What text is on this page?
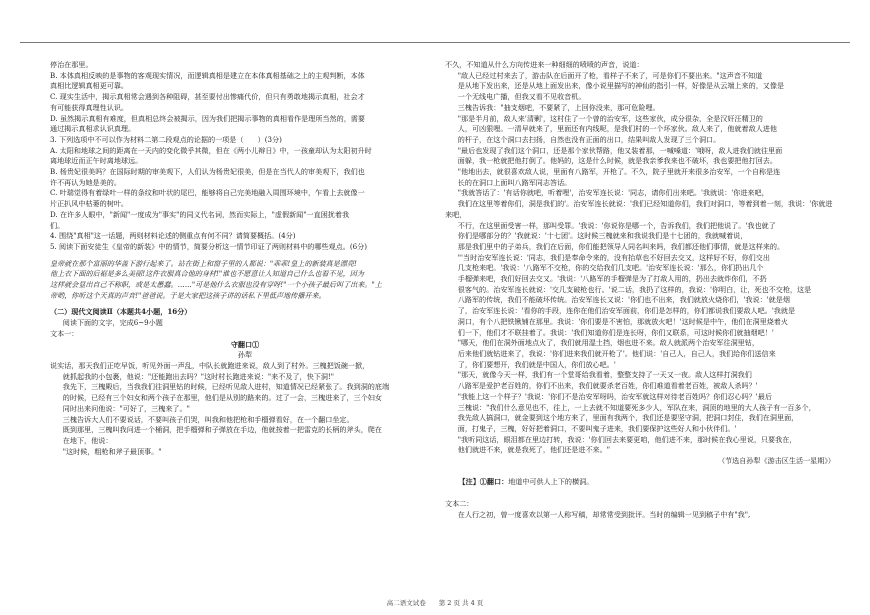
停治在那里。

B. 本体真相反映的是事物的客观现实情况，而逻辑真相是建立在本体真相基础之上的主观判断，本体

真相比逻辑真相更可靠。

C. 现实生活中，揭示真相常会遇到各种阻碍，甚至要付出惨痛代价，但只有勇敢地揭示真相，社会才

有可能获得真理性认识。

D. 虽然揭示真相有难度，但真相总终会被揭示，因为我们把揭示事物的真相看作是理所当然的，需要

通过揭示真相求认识真理。

3. 下列选项中不可以作为材料二第二段观点的论据的一项是（　　）(3分)

A. 太阳和地球之间的距离在一天内的变化微乎其微，但在《两小儿辩日》中，一孩童却认为太阳初升时

离地球近而正午时离地球远。

B. 杨贵妃很美吗？在国际时期的审美观下，人们认为杨贵妃很美，但是在当代人的审美观下，我们也

许不再认为她是美的。

C. 叶瑞觉得有着绿叶一样的条纹和叶状的尾巴，能够将自己完美地融入周围环境中，乍看上去就像一

片正扒风中枯萎的树叶。

D. 在许多人眼中，"新闻"一度成为"事实"的同义代名词，然而实际上，"虚假新闻"一直困扰着我

们。

4. 围绕"真相"这一话题，两则材料论述的侧重点有何不同？请简要概括。(4分)

5. 阅读下面安徒生《皇帝的新装》中的情节，简要分析这一情节印证了两则材料中的哪些观点。(6分)

皇帝就在那个富丽的华盖下游行起来了。站在街上和窗子里的人都说："乖乖!皇上的新装真是漂亮!

他上衣下面的后裾是多么美丽!这件衣服真合他的身材!"谁也不愿意让人知道自己什么也看不见，因为

这样就会显出自己不称职，或是太愚蠢。……"可是他什么衣服也没有穿呀!"一个小孩子最后叫了出来。"上

帝哟，你听这个天真的声音!"爸爸说。于是大家把这孩子讲的话私下里低声地传播开来。

（二）现代文阅读Ⅱ（本题共4小题，16分）

阅读下面的文字，完成6~9小题

文本一：

守翻口①

孙犁

说实话，那天我们正吃早饭，听见外面一声乱，中队长就跑进来说，敌人到了村外。三槐把饭碗一掀，

就抓起我的小包裹，他说："还能跑出去吗？"这时村长跑进来说："来不及了，快下洞!"

我先下，三槐殿后，当我我们往洞里钻的时候，已经听见敌人进村，知道情况已经紧张了。我到洞的底端

的时候，已经有三个妇女和两个孩子在那里，他们是从别的路来的。过了一会，三槐进来了，三个妇女

同时出来问他说："可好了，三槐来了。"

三槐告诉大人们不要说话，不要叫孩子们哭，叫我和他把枪和手榴弹看好，在一个翻口坐定。

既到那里，三槐叫我问进一个桶洞，把手榴弹和子弹放在手边，他就按着一把雷克的长柄的斧头，爬在

在地下，他说：

"这时候，粗枪和斧子最顶事。"

不久，不知道从什么方向传进来一种细细的喷喷的声音，说道：

"敌人已经过村来去了，游击队在后面开了枪，看样子不来了，可是你们不要出来。"这声音不知道

是从地下发出来，还是从地上面发出来，像小说里描写的神仙的指引一样，好像是从云端上来的，又像是

一个无线电广播，但我又看不见收音机。

三槐告诉我："抽支烟吧，不要紧了，上回你没来，那可危险哩。

"那是半月前，敌人来'清剿'，这村住了一个曾的治安军，这些家伙，成分很杂，全是汉奸汪精卫的

人，可凶狠哩。一清早就来了，里面还有内线呢，是我们村的一个坏家伙。敌人来了，他就着敌人进他

的杆子，在这个洞口去扫扬，自然也没有正面的出口，结果叫敌人发现了三个洞口。

"最后也发现了我们这个洞口，还是那个家伙帮路，他又装着那，一喊嗓道：'哦呀，敌人进我们就往里面

面躲，我一枪就把他打倒了。他妈的，这是什么时候，就是我亲爹我来也不破坏，我也要把他打回去。

"他地出去，就很喜欢敌人说，里面有八路军，开枪了。不久，院子里就开来很多治安军，一个自称是连

长的在洞口上面叫八路军同志答话。

"我就答话了：'有话你就吧，听着哩'，治安军连长说：'同志，请你们出来吧。'我就说：'你进来吧，

我们在这里等着你们，洞是我们的'。治安军连长就说：'我们已经知道你们，我们对洞口，等着到着一刻，我说：'你就进来吧，

不行，在这里面受害一样，那叫受罪。'我说：'你说你是哪一个，告诉我们，我们把他说了。'我也就了

你们是哪部分的？'我就说：'十七团'。这时候三槐就来和我说我们是十七团的，我就喊着说，

那是我们里中的子弟兵，我们在后面，你们能把领导人同名叫来吗，我们都还他们事情，就是这样来的。

"'当时治安军连长说：'同志，我们是奉命令来的，没有抬草也不好回去交又，这样好不好，你们交出

几支枪来吧。'我说：'八路军不交枪，你的交给我们几支吧。'治安军连长说：'那么，你们扔出几个

手榴弹来吧，我们好回去交又。'我说：'八路军的手榴弹是为了打敌人用的，扔出去就炸你们，不扔

很客气的。治安军连长就说：'交几支破枪也行。'说二话，我扔了这样的，我说：'你明白，让，死也不交枪，这是

八路军的传统，我们不能破坏传统。治安军连长又说：'你们也不出来，我们就放火烧你们，'我说：'就是烟

了，治安军连长说：'看你的手段，连你在他们治安军面前，你们是怎样的，你们都说我们要敌人吧。'我就是

洞口，有个八把铁锹铺在那里。我说：'你们要是不害怕，那就放火吧！'这时候是中午，他们在洞里烧着火

们一下，他们才不联挂着了。我说：'我们知道你们是连长呀，你们又联系，可这时候你们就抽烟吧！'

"哪天，他们在洞外面地点火了，我们就用湿土挡，烟也进不来。敌人就派两个治安军往洞里钻，

后来他们就钻进来了，我说：'你们进来我们就开枪了'。他们说：'自己人，自己人，我们给你们送信来

了，你们要想开，我们就是中国人，你们放心吧。'

"那天，就像今天一样，我们有一个堂哥给我看着，整整支持了一天又一夜。敌人这样打洞我们

八路军是爱护老百姓的，你们不出来，我们就要杀老百姓，你们难道看着老百姓，被敌人杀吗？'

"我能上这一个样子？'我说：'你们不是治安军呀吗，治安军就这样对待老百姓吗？你们忍心吗？'最后

三槐说："我们什么意见也不，往上，一上去就不知道要死多少人，军队在来，洞顶的地里的大人孩子有一百多个，

我先敌人搞洞口，就金要到这个地方来了，里面有我两个，我们还是要坚守洞，把洞口封住，我们在洞里面，

面，打鬼子，三槐，好好把着洞口，不要叫鬼子进来，我们要保护这些好人和小伙伴们。'

"我听同这话，眼泪都在里边打转，我说：'你们回去来要更咱，他们进不来，那时候在我心里说，只要我在，

他们就进不来，就是我死了，他们还是进不来。"

（节选自孙犁《游击区生活一星期》）

【注】①翻口：地道中可供人上下的横洞。

文本二：

在人行之初，曾一度喜欢以第一人称写稿，却常常受到批评。当时的编辑一见到稿子中有"我",

高二语文试卷　　第 2 页 共 4 页
